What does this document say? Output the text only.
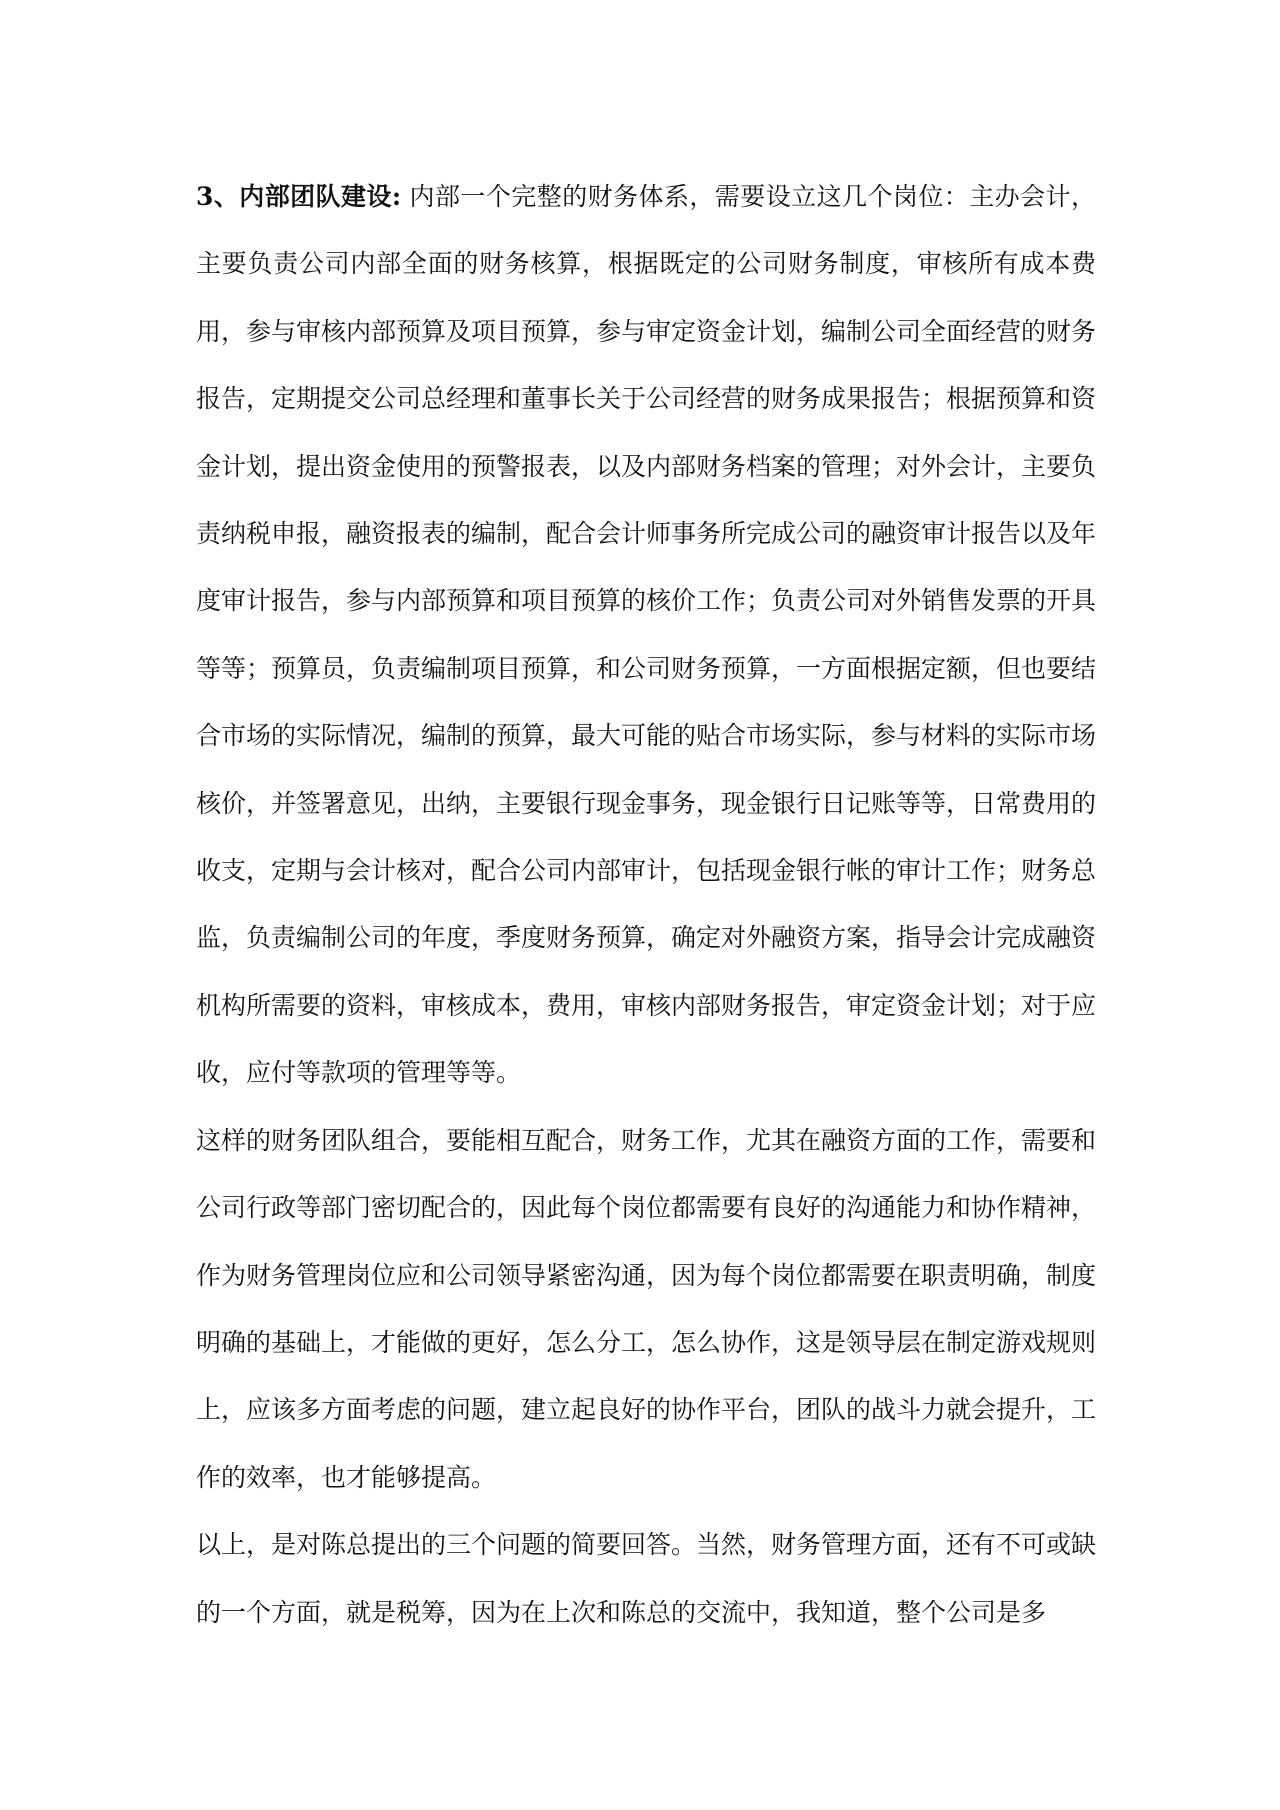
3、内部团队建设: 内部一个完整的财务体系，需要设立这几个岗位：主办会计，主要负责公司内部全面的财务核算，根据既定的公司财务制度，审核所有成本费用，参与审核内部预算及项目预算，参与审定资金计划，编制公司全面经营的财务报告，定期提交公司总经理和董事长关于公司经营的财务成果报告；根据预算和资金计划，提出资金使用的预警报表，以及内部财务档案的管理；对外会计，主要负责纳税申报，融资报表的编制，配合会计师事务所完成公司的融资审计报告以及年度审计报告，参与内部预算和项目预算的核价工作；负责公司对外销售发票的开具等等；预算员，负责编制项目预算，和公司财务预算，一方面根据定额，但也要结合市场的实际情况，编制的预算，最大可能的贴合市场实际，参与材料的实际市场核价，并签署意见，出纳，主要银行现金事务，现金银行日记账等等，日常费用的收支，定期与会计核对，配合公司内部审计，包括现金银行帐的审计工作；财务总监，负责编制公司的年度，季度财务预算，确定对外融资方案，指导会计完成融资机构所需要的资料，审核成本，费用，审核内部财务报告，审定资金计划；对于应收，应付等款项的管理等等。

这样的财务团队组合，要能相互配合，财务工作，尤其在融资方面的工作，需要和公司行政等部门密切配合的，因此每个岗位都需要有良好的沟通能力和协作精神，作为财务管理岗位应和公司领导紧密沟通，因为每个岗位都需要在职责明确，制度明确的基础上，才能做的更好，怎么分工，怎么协作，这是领导层在制定游戏规则上，应该多方面考虑的问题，建立起良好的协作平台，团队的战斗力就会提升，工作的效率，也才能够提高。

以上，是对陈总提出的三个问题的简要回答。当然，财务管理方面，还有不可或缺的一个方面，就是税筹，因为在上次和陈总的交流中，我知道，整个公司是多
